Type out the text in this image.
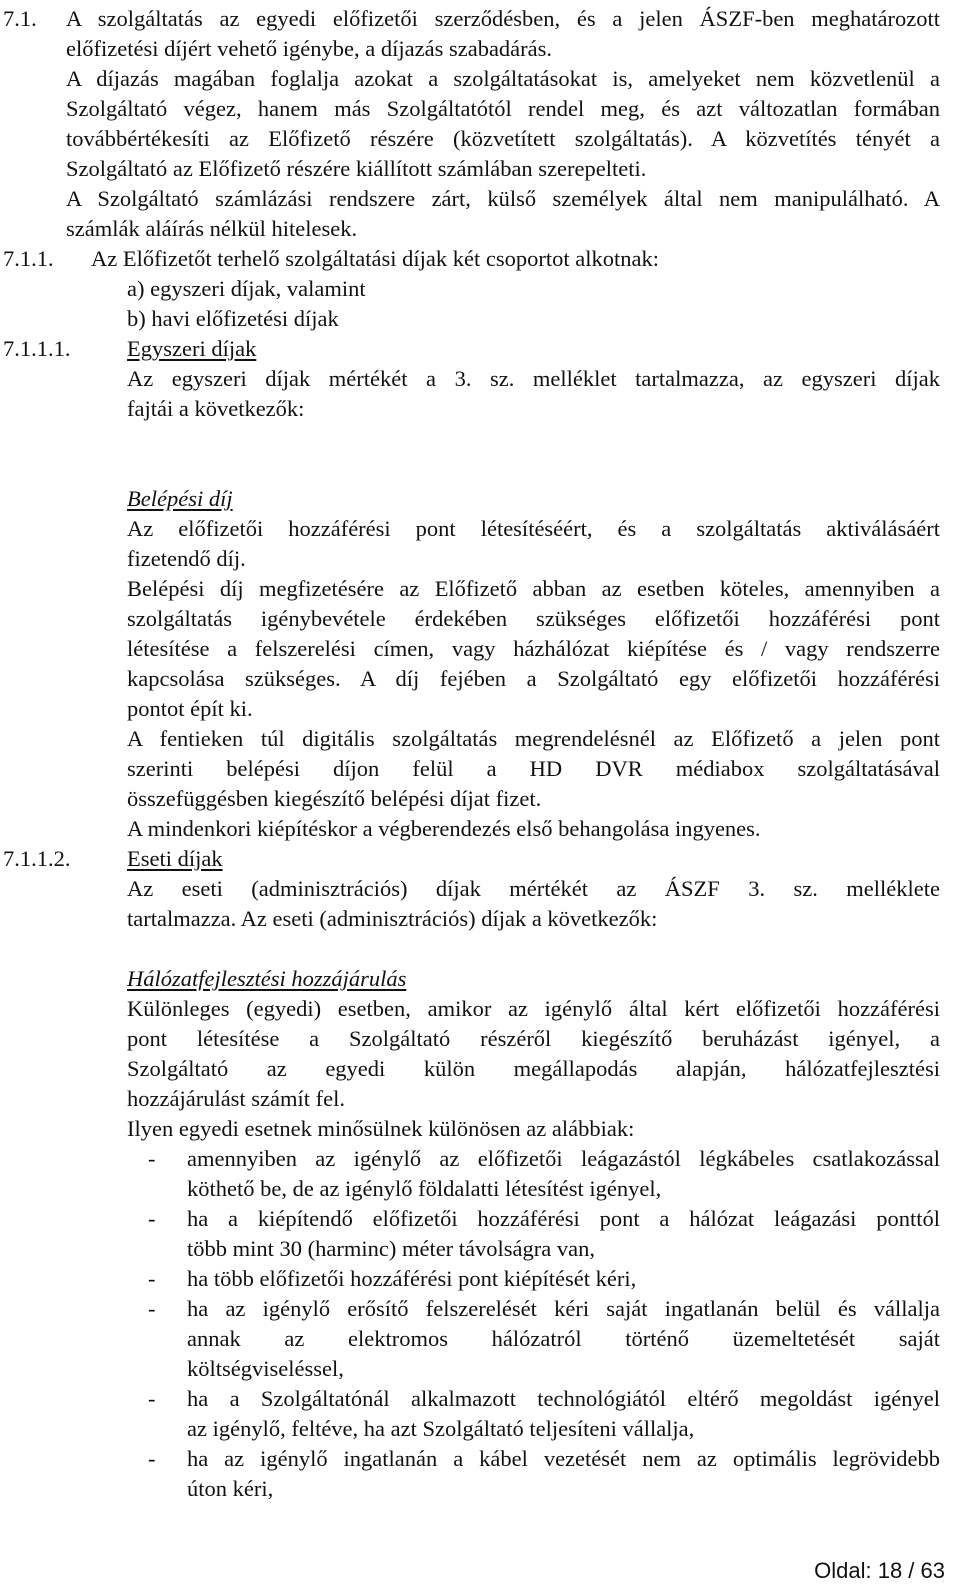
7.1. A szolgáltatás az egyedi előfizetői szerződésben, és a jelen ÁSZF-ben meghatározott
előfizetési díjért vehető igénybe, a díjazás szabadárás.
A díjazás magában foglalja azokat a szolgáltatásokat is, amelyeket nem közvetlenül a
Szolgáltató végez, hanem más Szolgáltatótól rendel meg, és azt változatlan formában
továbbértékesíti az Előfizető részére (közvetített szolgáltatás). A közvetítés tényét a
Szolgáltató az Előfizető részére kiállított számlában szerepelteti.
A Szolgáltató számlázási rendszere zárt, külső személyek által nem manipulálható. A
számlák aláírás nélkül hitelesek.
7.1.1. Az Előfizetőt terhelő szolgáltatási díjak két csoportot alkotnak:
a) egyszeri díjak, valamint
b) havi előfizetési díjak
7.1.1.1.	Egyszeri díjak
Az egyszeri díjak mértékét a 3. sz. melléklet tartalmazza, az egyszeri díjak
fajtái a következők:
Belépési díj
Az előfizetői hozzáférési pont létesítéséért, és a szolgáltatás aktiválásáért
fizetendő díj.
Belépési díj megfizetésére az Előfizető abban az esetben köteles, amennyiben a
szolgáltatás igénybevétele érdekében szükséges előfizetői hozzáférési pont
létesítése a felszerelési címen, vagy házhálózat kiépítése és / vagy rendszerre
kapcsolása szükséges. A díj fejében a Szolgáltató egy előfizetői hozzáférési
pontot épít ki.
A fentieken túl digitális szolgáltatás megrendelésnél az Előfizető a jelen pont
szerinti belépési díjon felül a HD DVR médiabox szolgáltatásával
összefüggésben kiegészítő belépési díjat fizet.
A mindenkori kiépítéskor a végberendezés első behangolása ingyenes.
7.1.1.2.	Eseti díjak
Az eseti (adminisztrációs) díjak mértékét az ÁSZF 3. sz. melléklete
tartalmazza. Az eseti (adminisztrációs) díjak a következők:
Hálózatfejlesztési hozzájárulás
Különleges (egyedi) esetben, amikor az igénylő által kért előfizetői hozzáférési
pont létesítése a Szolgáltató részéről kiegészítő beruházást igényel, a
Szolgáltató az egyedi külön megállapodás alapján, hálózatfejlesztési
hozzájárulást számít fel.
Ilyen egyedi esetnek minősülnek különösen az alábbiak:
- amennyiben az igénylő az előfizetői leágazástól légkábeles csatlakozással
köthető be, de az igénylő földalatti létesítést igényel,
- ha a kiépítendő előfizetői hozzáférési pont a hálózat leágazási ponttól
több mint 30 (harminc) méter távolságra van,
- ha több előfizetői hozzáférési pont kiépítését kéri,
- ha az igénylő erősítő felszerelését kéri saját ingatlanán belül és vállalja
annak az elektromos hálózatról történő üzemeltetését saját
költségviseléssel,
- ha a Szolgáltatónál alkalmazott technológiától eltérő megoldást igényel
az igénylő, feltéve, ha azt Szolgáltató teljesíteni vállalja,
- ha az igénylő ingatlanán a kábel vezetését nem az optimális legrövidebb
úton kéri,
Oldal: 18 / 63
